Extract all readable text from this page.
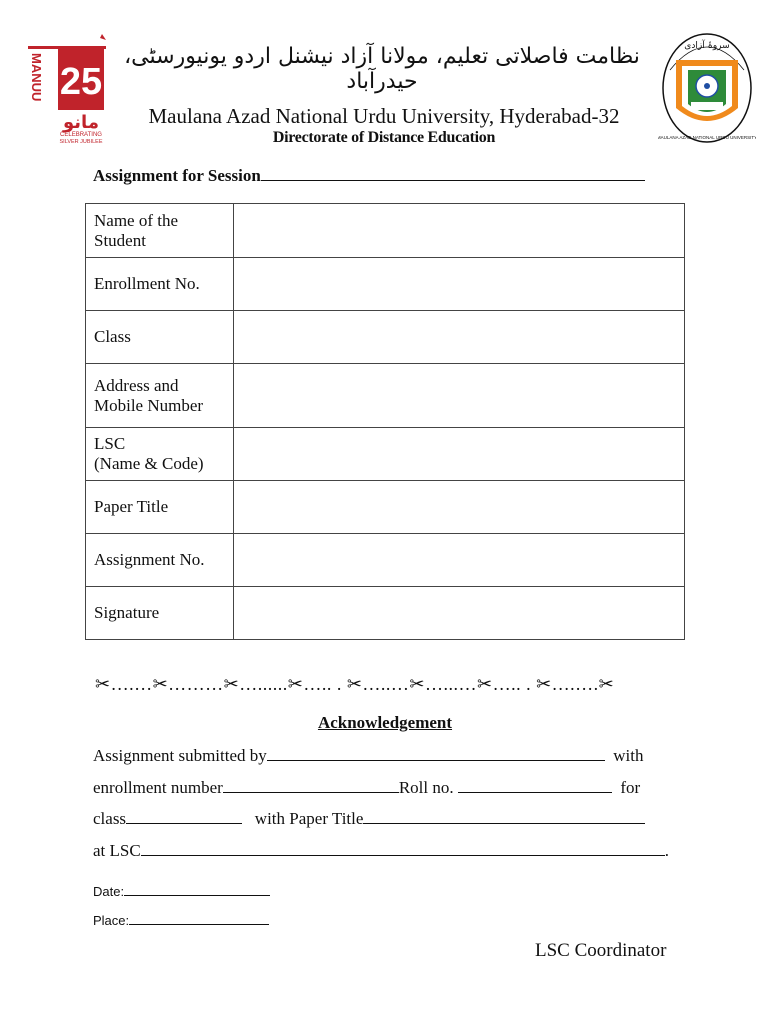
MANUU 25
مانو
CELEBRATING
SILVER JUBILEE
نظامت فاصلاتی تعلیم، مولانا آزاد نیشنل اردو یونیورسٹی، حیدرآباد
Maulana Azad National Urdu University, Hyderabad-32
Directorate of Distance Education
سروۂ آزادی
MAULANA AZAD NATIONAL URDU UNIVERSITY
Assignment for Session
Name of the
Student	
Enrollment No.	
Class	
Address and
Mobile Number	
LSC
(Name & Code)	
Paper Title	
Assignment No.	
Signature	
✂….…✂………✂…......✂….. . ✂…..…✂…...…✂….. . ✂….….✂
Acknowledgement
Assignment submitted by	with
enrollment number	Roll no.	for
class	with Paper Title
at LSC	.
Date:
Place:
LSC Coordinator
